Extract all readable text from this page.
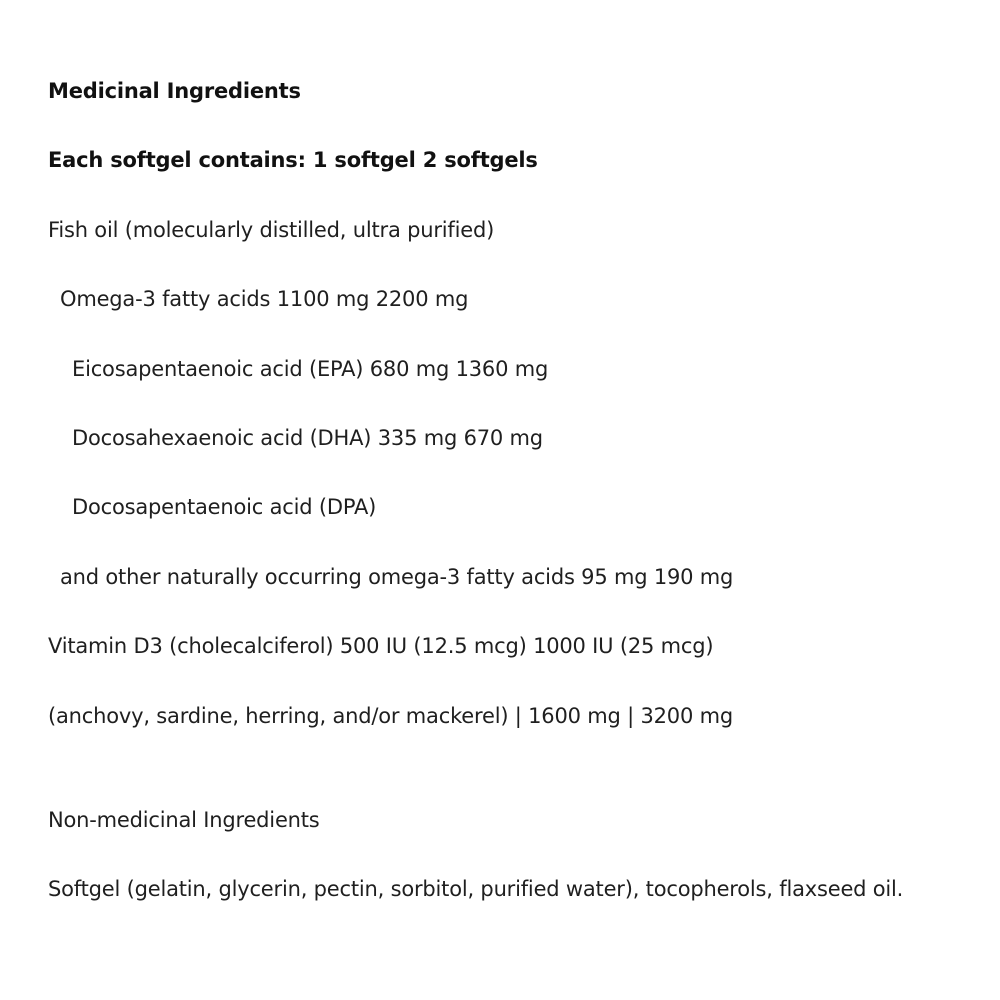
Medicinal Ingredients

Each softgel contains: 1 softgel 2 softgels

Fish oil (molecularly distilled, ultra purified)

Omega-3 fatty acids 1100 mg 2200 mg

Eicosapentaenoic acid (EPA) 680 mg 1360 mg

Docosahexaenoic acid (DHA) 335 mg 670 mg

Docosapentaenoic acid (DPA)

and other naturally occurring omega-3 fatty acids 95 mg 190 mg

Vitamin D3 (cholecalciferol) 500 IU (12.5 mcg) 1000 IU (25 mcg)

(anchovy, sardine, herring, and/or mackerel) | 1600 mg | 3200 mg

Non-medicinal Ingredients

Softgel (gelatin, glycerin, pectin, sorbitol, purified water), tocopherols, flaxseed oil.
